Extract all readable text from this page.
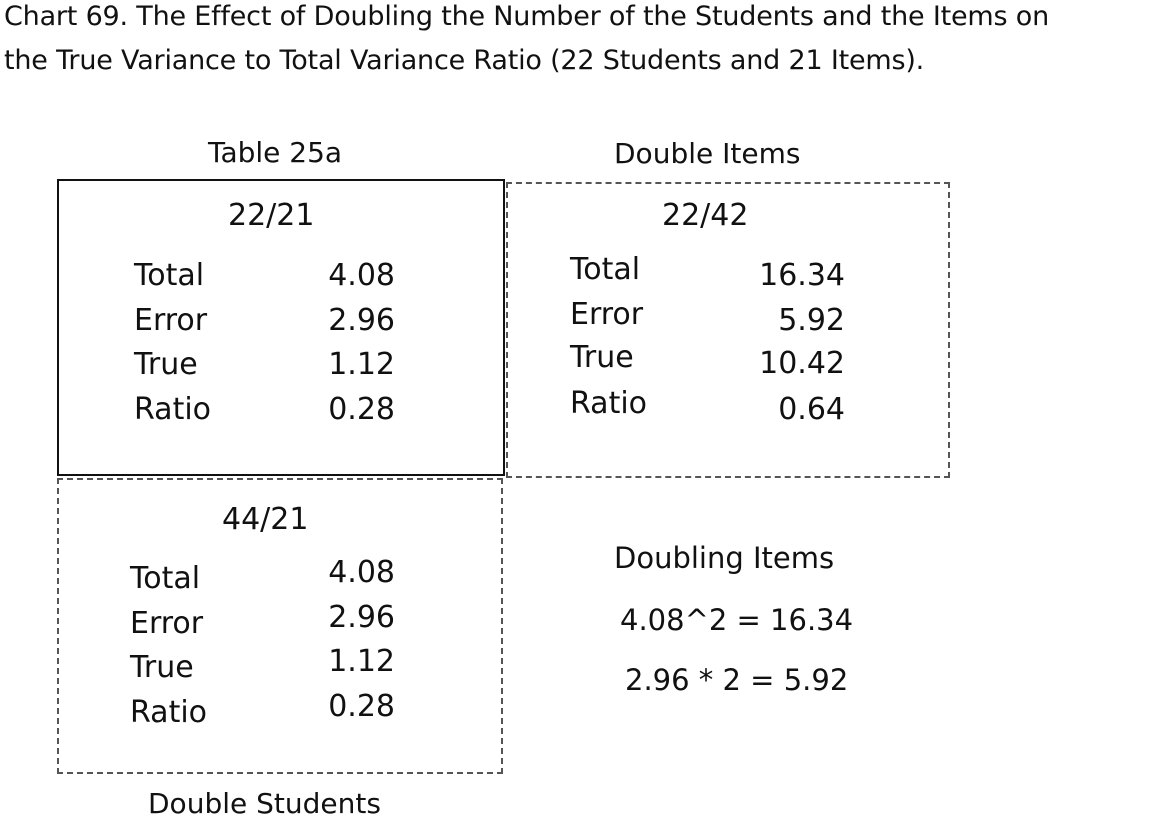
Chart 69. The Effect of Doubling the Number of the Students and the Items on
the True Variance to Total Variance Ratio (22 Students and 21 Items).
Table 25a	Double Items
22/21
Total	4.08
Error	2.96
True	1.12
Ratio	0.28
22/42
Total	16.34
Error	5.92
True	10.42
Ratio	0.64
44/21
Total	4.08
Error	2.96
True	1.12
Ratio	0.28
Doubling Items
4.08^2 = 16.34
2.96 * 2 = 5.92
Double Students
